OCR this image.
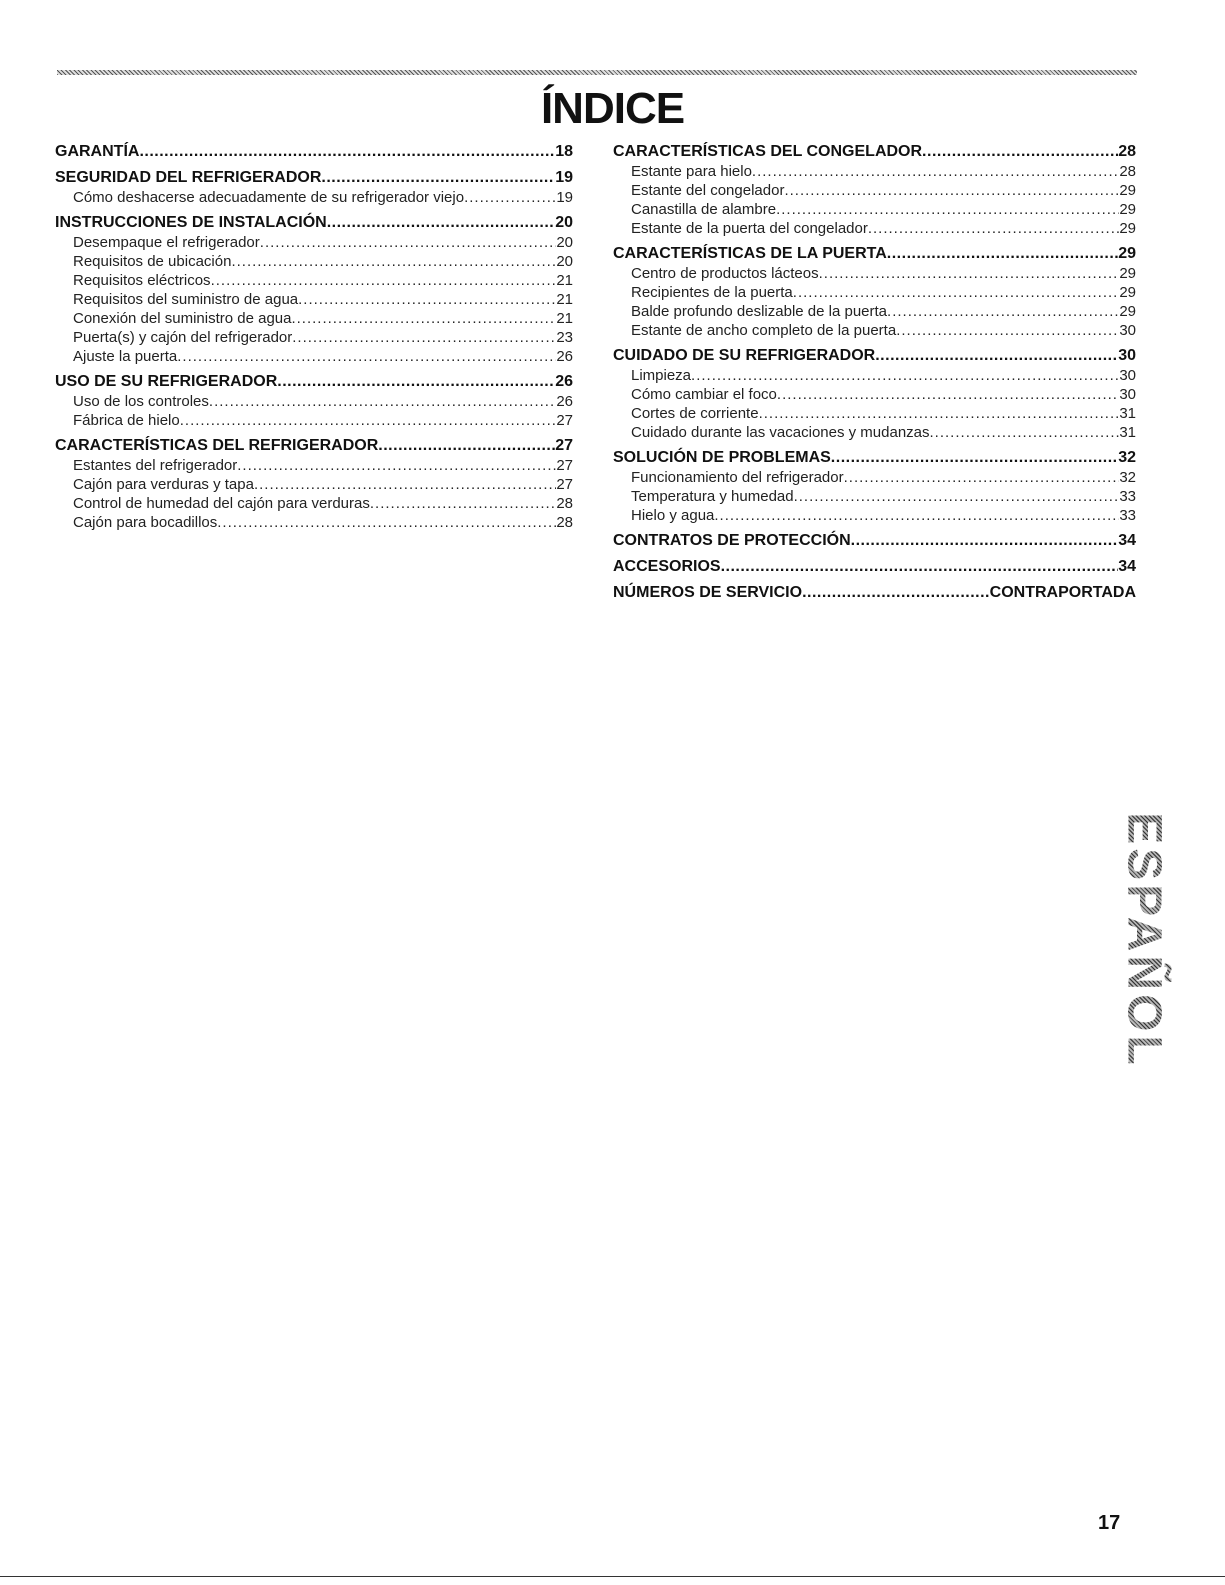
ÍNDICE
GARANTÍA .....	18
SEGURIDAD DEL REFRIGERADOR .....	19
Cómo deshacerse adecuadamente de su refrigerador viejo .....	19
INSTRUCCIONES DE INSTALACIÓN .....	20
Desempaque el refrigerador .....	20
Requisitos de ubicación .....	20
Requisitos eléctricos .....	21
Requisitos del suministro de agua .....	21
Conexión del suministro de agua .....	21
Puerta(s) y cajón del refrigerador .....	23
Ajuste la puerta .....	26
USO DE SU REFRIGERADOR .....	26
Uso de los controles .....	26
Fábrica de hielo .....	27
CARACTERÍSTICAS DEL REFRIGERADOR .....	27
Estantes del refrigerador .....	27
Cajón para verduras y tapa .....	27
Control de humedad del cajón para verduras .....	28
Cajón para bocadillos .....	28
CARACTERÍSTICAS DEL CONGELADOR .....	28
Estante para hielo .....	28
Estante del congelador .....	29
Canastilla de alambre .....	29
Estante de la puerta del congelador .....	29
CARACTERÍSTICAS DE LA PUERTA .....	29
Centro de productos lácteos .....	29
Recipientes de la puerta .....	29
Balde profundo deslizable de la puerta .....	29
Estante de ancho completo de la puerta .....	30
CUIDADO DE SU REFRIGERADOR .....	30
Limpieza .....	30
Cómo cambiar el foco .....	30
Cortes de corriente .....	31
Cuidado durante las vacaciones y mudanzas .....	31
SOLUCIÓN DE PROBLEMAS .....	32
Funcionamiento del refrigerador .....	32
Temperatura y humedad .....	33
Hielo y agua .....	33
CONTRATOS DE PROTECCIÓN .....	34
ACCESORIOS .....	34
NÚMEROS DE SERVICIO .....	CONTRAPORTADA
ESPAÑOL
17
